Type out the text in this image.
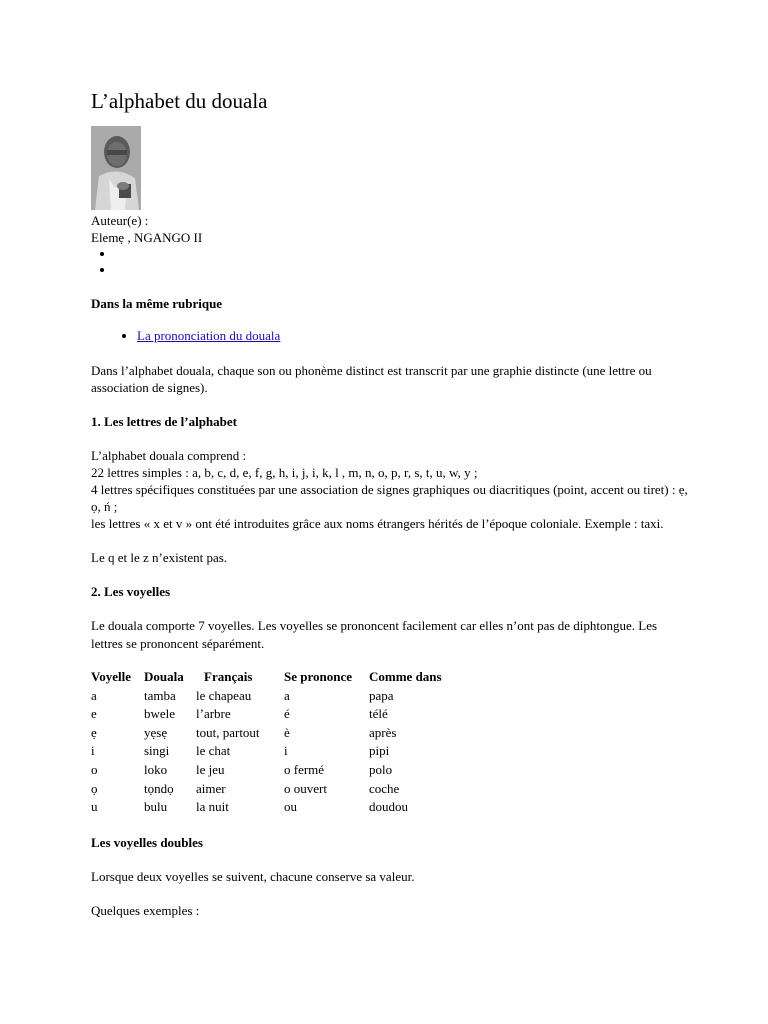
L’alphabet du douala

Auteur(e) :

Elemẹ , NGANGO II

•
•

Dans la même rubrique

• La prononciation du douala

Dans l’alphabet douala, chaque son ou phonème distinct est transcrit par une graphie distincte (une lettre ou association de signes).

1. Les lettres de l’alphabet

L’alphabet douala comprend :

22 lettres simples : a, b, c, d, e, f, g, h, i, j, i, k, l , m, n, o, p, r, s, t, u, w, y ;

4 lettres spécifiques constituées par une association de signes graphiques ou diacritiques (point, accent ou tiret) : ẹ, ọ, ń ;

les lettres « x et v » ont été introduites grâce aux noms étrangers hérités de l’époque coloniale. Exemple : taxi.

Le q et le z n’existent pas.

2. Les voyelles

Le douala comporte 7 voyelles. Les voyelles se prononcent facilement car elles n’ont pas de diphtongue. Les lettres se prononcent séparément.

Voyelle	Douala	Français	Se prononce	Comme dans
a	tamba	le chapeau	a	papa
e	bwele	l’arbre	é	télé
ẹ	yẹsẹ	tout, partout	è	après
i	singi	le chat	i	pipi
o	loko	le jeu	o fermé	polo
ọ	tọndọ	aimer	o ouvert	coche
u	bulu	la nuit	ou	doudou

Les voyelles doubles

Lorsque deux voyelles se suivent, chacune conserve sa valeur.

Quelques exemples :
